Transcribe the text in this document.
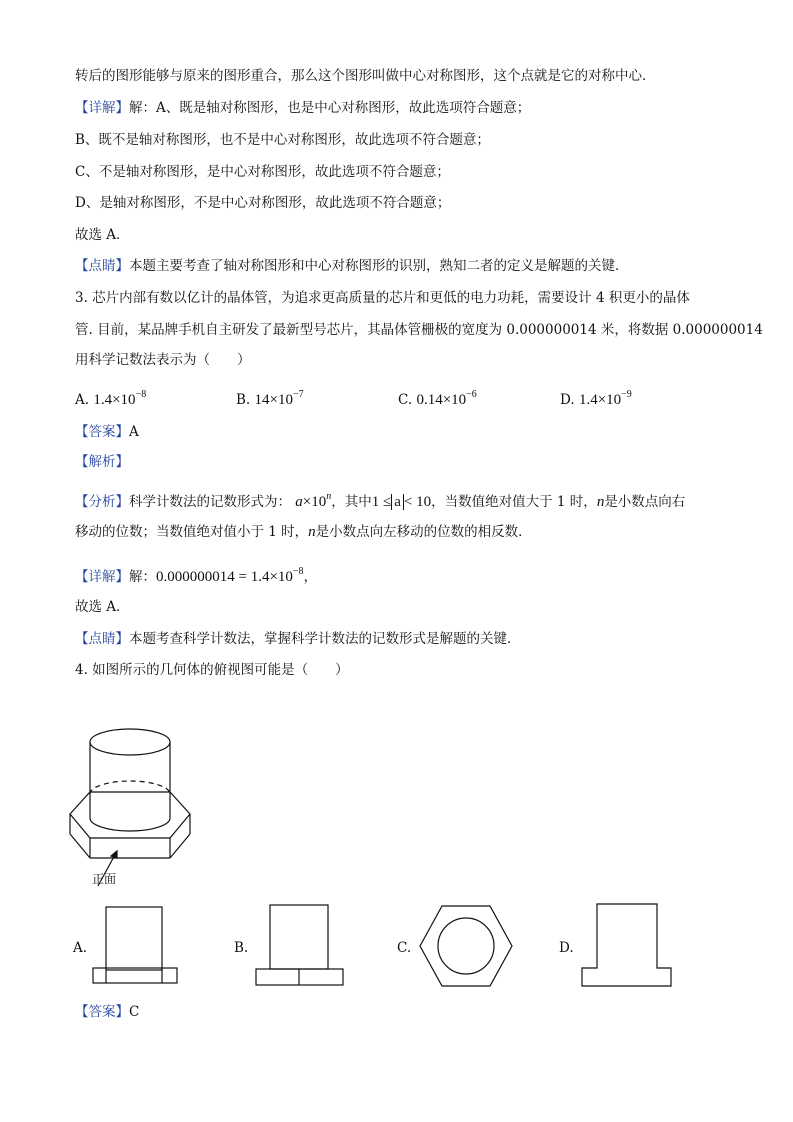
转后的图形能够与原来的图形重合，那么这个图形叫做中心对称图形，这个点就是它的对称中心．
【详解】解：A、既是轴对称图形，也是中心对称图形，故此选项符合题意；
B、既不是轴对称图形，也不是中心对称图形，故此选项不符合题意；
C、不是轴对称图形，是中心对称图形，故此选项不符合题意；
D、是轴对称图形，不是中心对称图形，故此选项不符合题意；
故选 A．
【点睛】本题主要考查了轴对称图形和中心对称图形的识别，熟知二者的定义是解题的关键．
3. 芯片内部有数以亿计的晶体管，为追求更高质量的芯片和更低的电力功耗，需要设计 4 积更小的晶体
管. 目前，某品牌手机自主研发了最新型号芯片，其晶体管栅极的宽度为 0.000000014 米，将数据 0.000000014
用科学记数法表示为（　　）
A. $1.4\times 10^{-8}$	B. $14\times 10^{-7}$	C. $0.14\times 10^{-6}$	D. $1.4\times 10^{-9}$
【答案】A
【解析】
【分析】科学计数法的记数形式为： $a\times 10^n$，其中1 ≤ a < 10，当数值绝对值大于 1 时，n是小数点向右
移动的位数；当数值绝对值小于 1 时，n是小数点向左移动的位数的相反数．
【详解】解：$0.000000014 = 1.4\times 10^{-8}$，
故选 A．
【点睛】本题考查科学计数法，掌握科学计数法的记数形式是解题的关键．
4. 如图所示的几何体的俯视图可能是（　　）
正面
A.	B.	C.	D.
【答案】C
